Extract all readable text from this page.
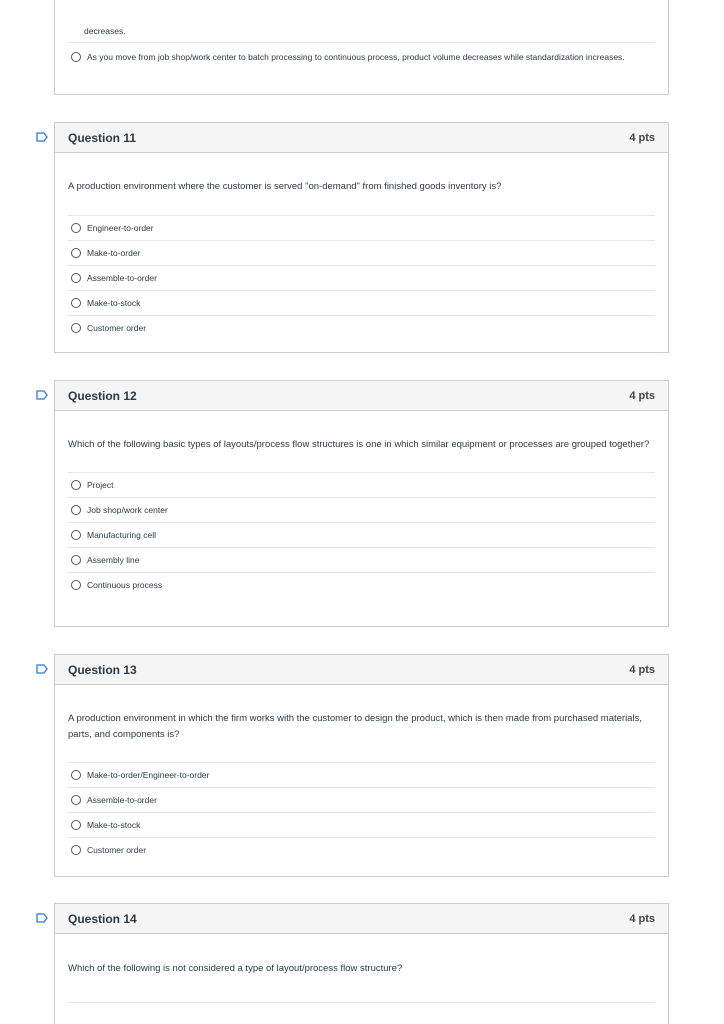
decreases.
As you move from job shop/work center to batch processing to continuous process, product volume decreases while standardization increases.
Question 11	4 pts

A production environment where the customer is served "on-demand" from finished goods inventory is?

Engineer-to-order
Make-to-order
Assemble-to-order
Make-to-stock
Customer order
Question 12	4 pts

Which of the following basic types of layouts/process flow structures is one in which similar equipment or processes are grouped together?

Project
Job shop/work center
Manufacturing cell
Assembly line
Continuous process
Question 13	4 pts

A production environment in which the firm works with the customer to design the product, which is then made from purchased materials, parts, and components is?

Make-to-order/Engineer-to-order
Assemble-to-order
Make-to-stock
Customer order
Question 14	4 pts

Which of the following is not considered a type of layout/process flow structure?
